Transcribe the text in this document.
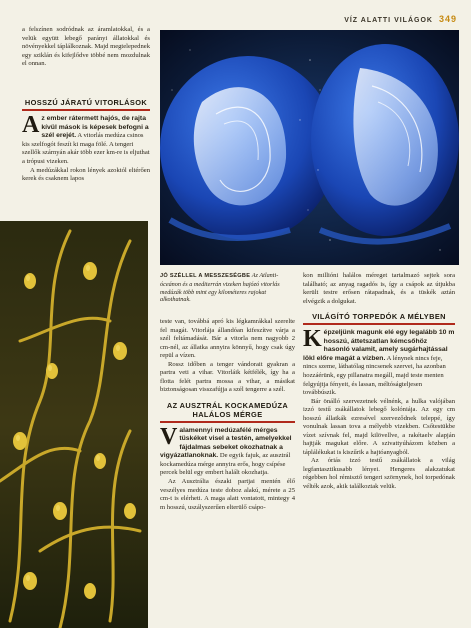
VÍZ ALATTI VILÁGOK 349

a felszínen sodródnak az áramlatokkal, és a velük együtt lebegő parányi állatokkal és növényekkel táplálkoznak. Majd megtelepednek egy sziklán és kifejlődve többé nem mozdulnak el onnan.

HOSSZÚ JÁRATÚ VITORLÁSOK

Az ember rátermett hajós, de rajta kívül mások is képesek befogni a szél erejét. A vitorlás medúza csinos kis szelfogót feszít ki maga fölé. A tengeri szellők szárnyán akár több ezer km-re is eljuthat a trópusi vizeken.

A medúzákkal rokon lények azoktól eltérően kerek és csaknem lapos

JÓ SZÉLLEL A MESSZESÉGBE Az Atlanti-óceánon és a mediterrán vizeken hajózó vitorlás medúzák több mint egy kilométeres rajokat alkothatnak.

teste van, továbbá apró kis légkamrákkal szerelte fel magát. Vitorlája állandóan kifeszítve várja a szél feltámadását. Bár a vitorla nem nagyobb 2 cm-nél, az állatka annyira könnyű, hogy csak úgy repül a vízen.

Rossz időben a tenger vándorait gyakran a partra veti a vihar. Vitorláik kétfélék, így ha a flotta felét partra mossa a vihar, a másikat biztonságosan visszafújja a szél tengerre a szél.

AZ AUSZTRÁL KOCKAMEDÚZA HALÁLOS MÉRGE

Valamennyi medúzafélé mérges tüskéket visel a testén, amelyekkel fájdalmas sebeket okozhatnak a vigyázatlanoknak. De egyik fajuk, az ausztrál kockamedúza mérge annyira erős, hogy csípése percek belül egy embert halált okozhatja.

Az Ausztrália északi partjai mentén élő veszélyes medúza teste doboz alakú, mérete a 25 cm-t is elérheti. A maga alatt vontatott, mintegy 4 m hosszú, uszályszerűen elterülő csápo-

kon millióni halálos méreget tartalmazó sejtek sora található; az anyag ragadós is, így a csápok az útjukba került testre erősen rátapadnak, és a tüskék aztán elvégzik a dolgukat.

VILÁGÍTÓ TORPEDÓK A MÉLYBEN

Képzeljünk magunk elé egy legalább 10 m hosszú, áttetszatlan kémcsőhöz hasonló valamit, amely sugárhajtással lökl előre magát a vízben. A lénynek nincs feje, nincs szeme, láthatólag nincsenek szervei, ha azonban hozzáérünk, egy pillanatra megáll, majd teste menten felgyújtja fényeit, és lassan, méltóságteljesen továbbúszik.

Bár önálló szervezetnek vélnénk, a hulka valójában izzó testű zsákállatok lebegő kolóniája. Az egy cm hosszú állatkák ezresével szerveződnek teleppé, így vonulnak lassan tova a mélyebb vizekben. Csőtestükbe vízet szívnak fel, majd kilövellve, a rakétaelv alapján hajtják magukat előre. A szivattyúházom közben a táplálékukat is kiszűrik a hajtóanyagból.

Az óriás izzó testű zsákállatok a világ legfantasztikusabb lényei. Hengeres alakzatukat régebben hol rémisztő tengeri szörnynek, hol torpedónak vélték azok, akik találkoztak velük.
